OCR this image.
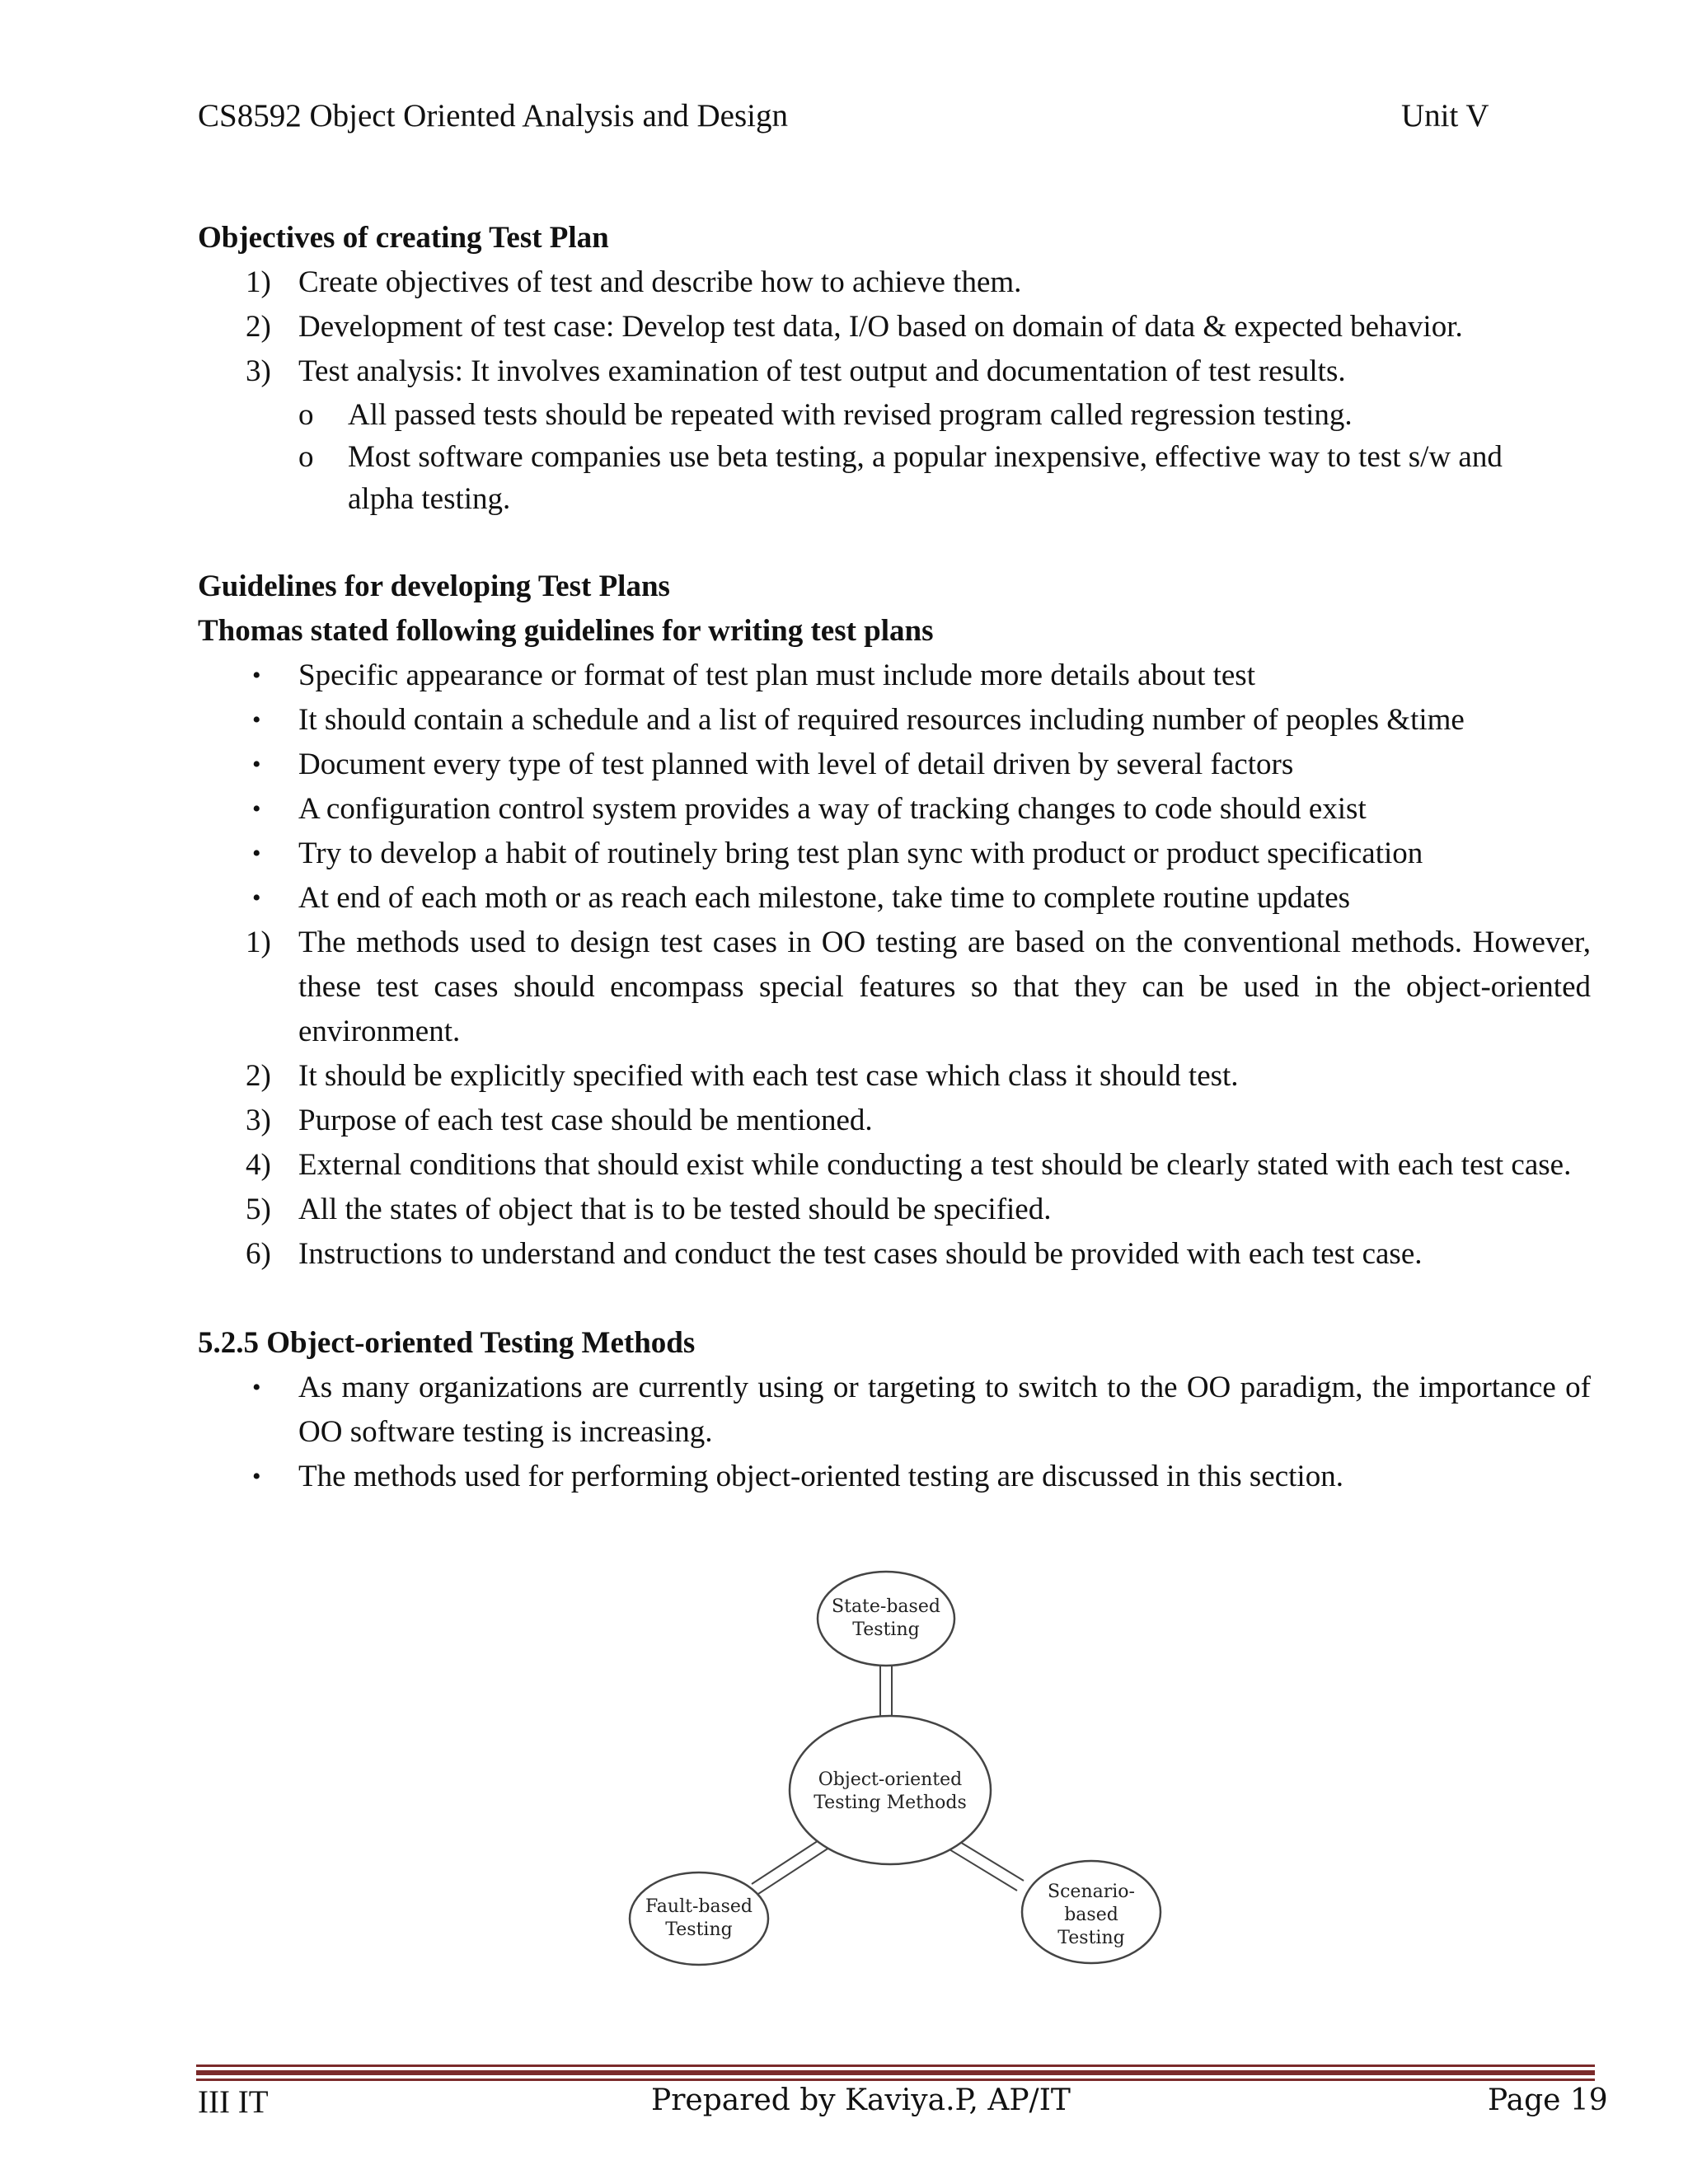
CS8592 Object Oriented Analysis and Design	Unit V
Objectives of creating Test Plan
1) Create objectives of test and describe how to achieve them.
2) Development of test case: Develop test data, I/O based on domain of data & expected behavior.
3) Test analysis: It involves examination of test output and documentation of test results.
o All passed tests should be repeated with revised program called regression testing.
o Most software companies use beta testing, a popular inexpensive, effective way to test s/w and alpha testing.
Guidelines for developing Test Plans
Thomas stated following guidelines for writing test plans
• Specific appearance or format of test plan must include more details about test
• It should contain a schedule and a list of required resources including number of peoples &time
• Document every type of test planned with level of detail driven by several factors
• A configuration control system provides a way of tracking changes to code should exist
• Try to develop a habit of routinely bring test plan sync with product or product specification
• At end of each moth or as reach each milestone, take time to complete routine updates
1) The methods used to design test cases in OO testing are based on the conventional methods. However, these test cases should encompass special features so that they can be used in the object-oriented environment.
2) It should be explicitly specified with each test case which class it should test.
3) Purpose of each test case should be mentioned.
4) External conditions that should exist while conducting a test should be clearly stated with each test case.
5) All the states of object that is to be tested should be specified.
6) Instructions to understand and conduct the test cases should be provided with each test case.
5.2.5 Object-oriented Testing Methods
• As many organizations are currently using or targeting to switch to the OO paradigm, the importance of OO software testing is increasing.
• The methods used for performing object-oriented testing are discussed in this section.
State-based
Testing
Object-oriented
Testing Methods
Fault-based
Testing
Scenario-
based
Testing
III IT	Prepared by Kaviya.P, AP/IT	Page 19
